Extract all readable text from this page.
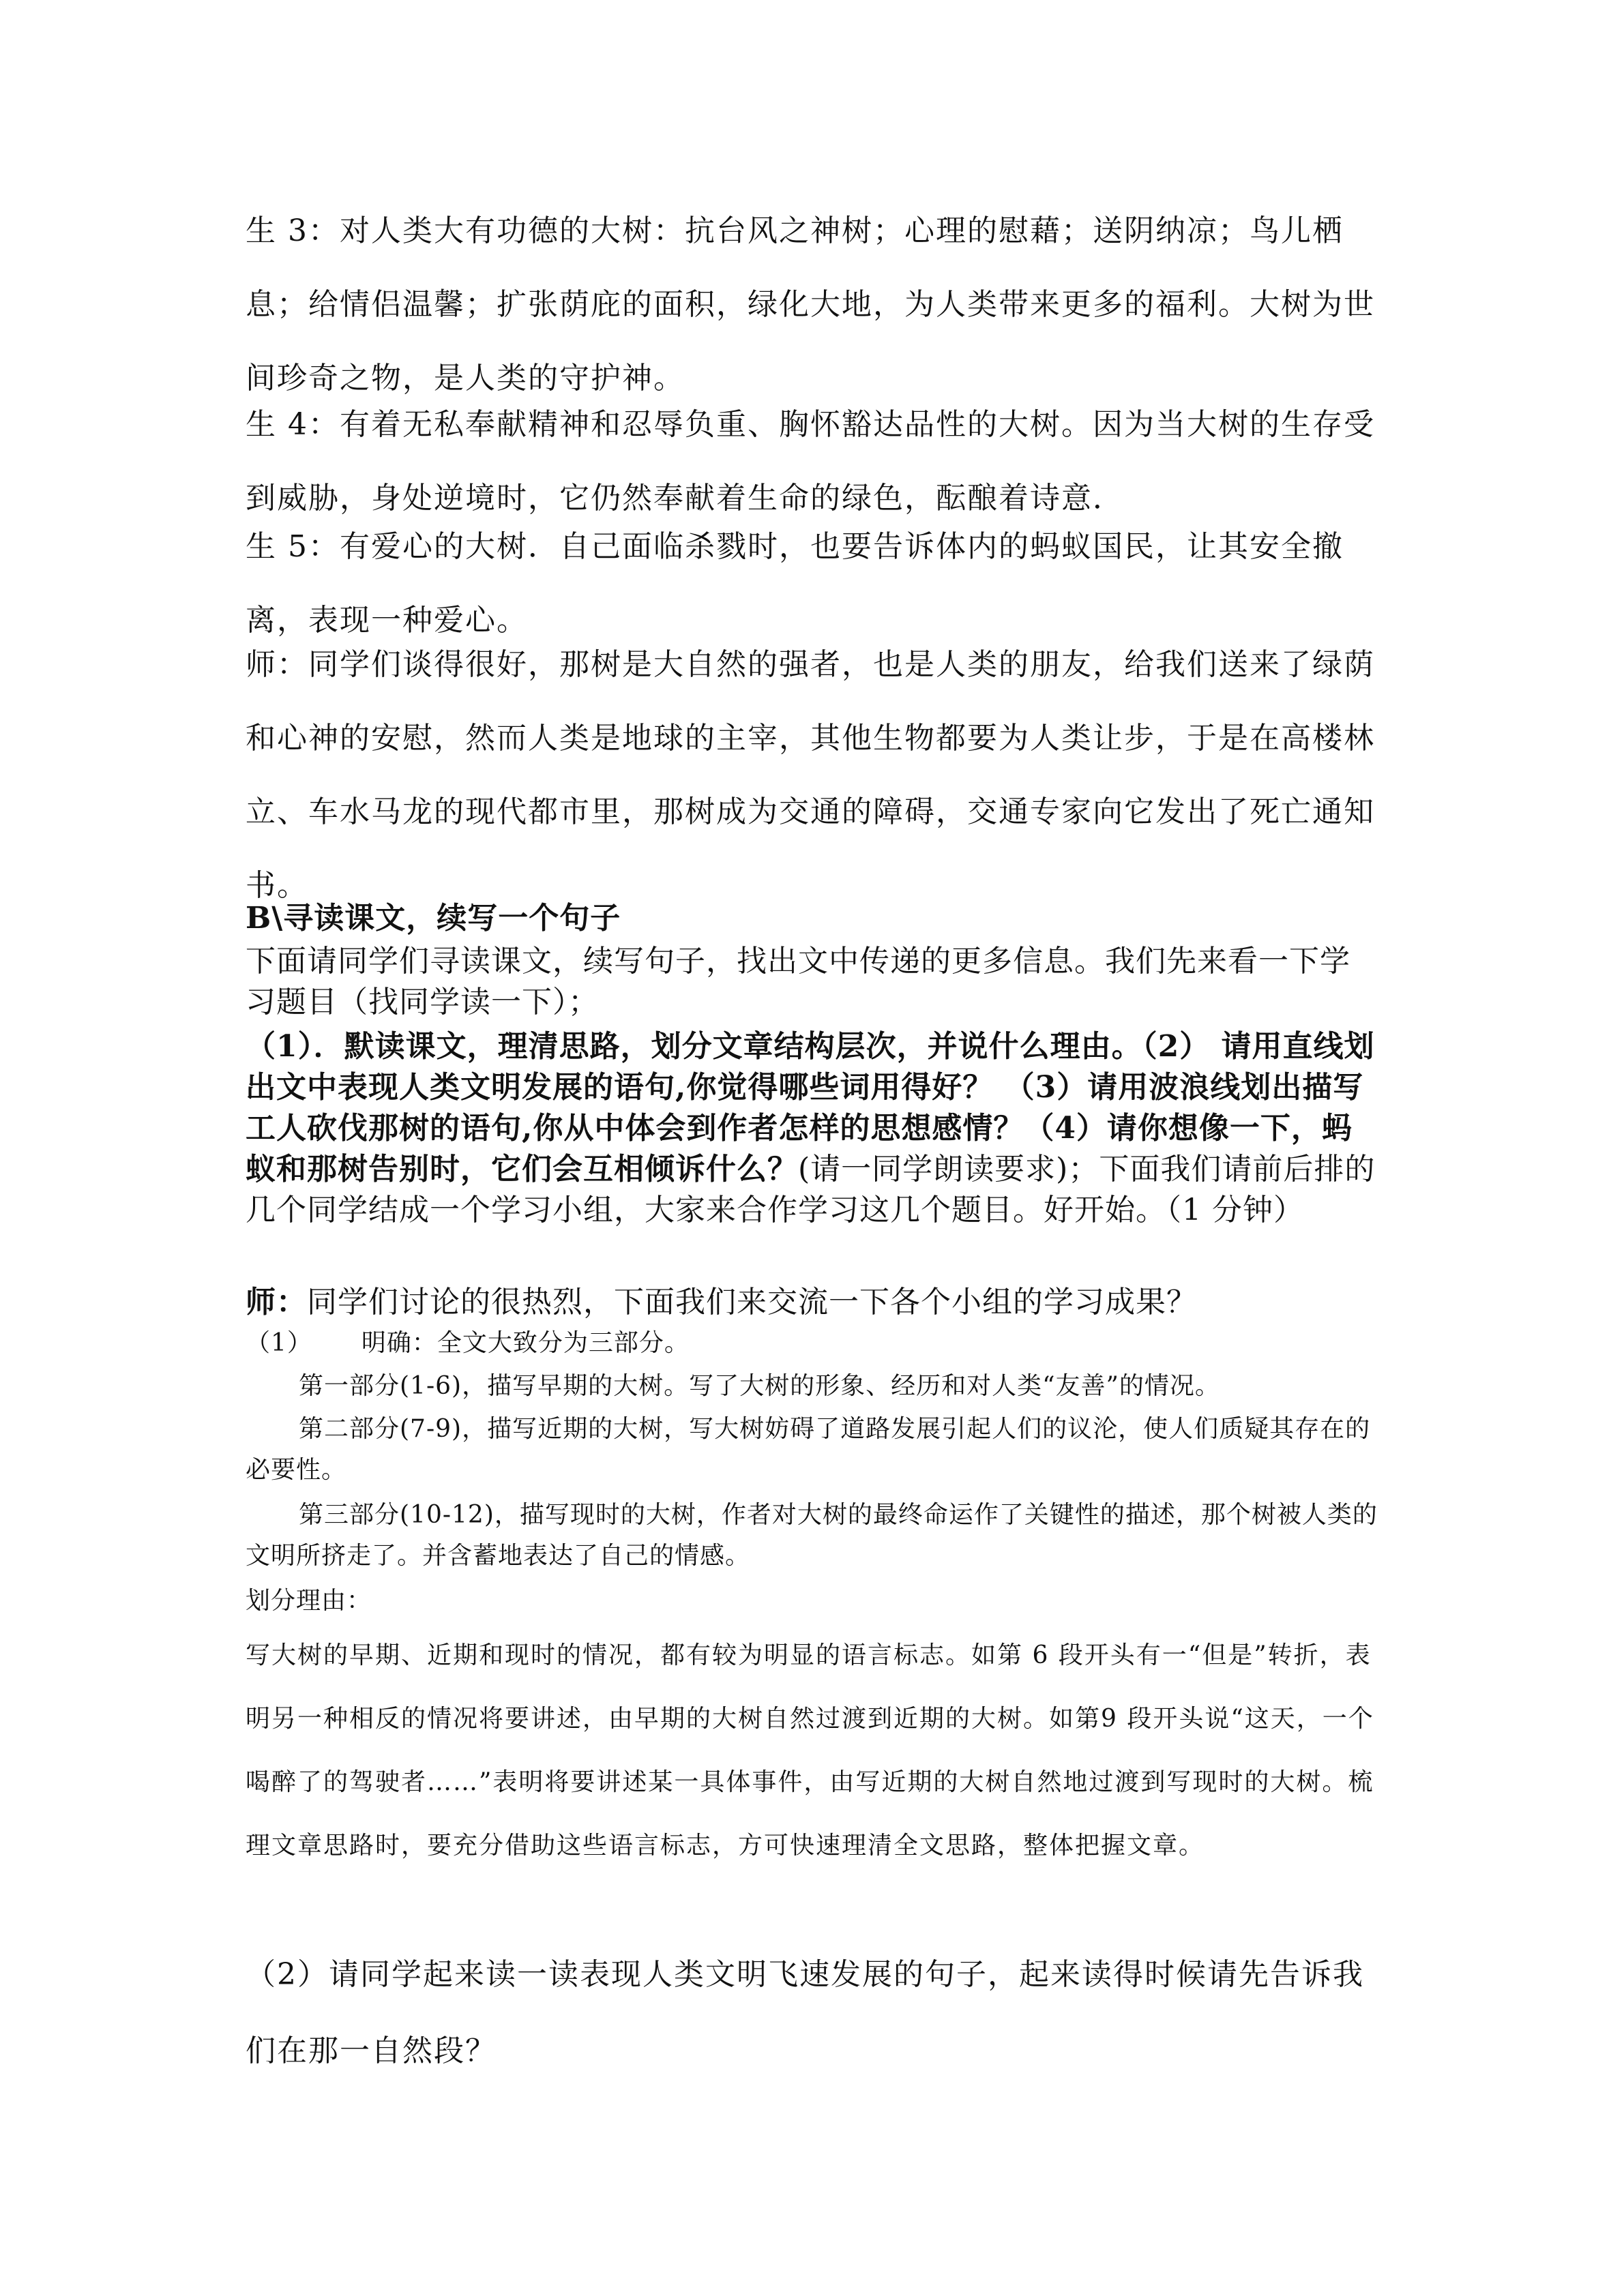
生 3：对人类大有功德的大树：抗台风之神树；心理的慰藉；送阴纳凉；鸟儿栖息；给情侣温馨；扩张荫庇的面积，绿化大地，为人类带来更多的福利。大树为世间珍奇之物，是人类的守护神。

生 4：有着无私奉献精神和忍辱负重、胸怀豁达品性的大树。因为当大树的生存受到威胁，身处逆境时，它仍然奉献着生命的绿色，酝酿着诗意．

生 5：有爱心的大树．自己面临杀戮时，也要告诉体内的蚂蚁国民，让其安全撤离，表现一种爱心。

师：同学们谈得很好，那树是大自然的强者，也是人类的朋友，给我们送来了绿荫和心神的安慰，然而人类是地球的主宰，其他生物都要为人类让步，于是在高楼林立、车水马龙的现代都市里，那树成为交通的障碍，交通专家向它发出了死亡通知书。

B\寻读课文，续写一个句子

下面请同学们寻读课文，续写句子，找出文中传递的更多信息。我们先来看一下学习题目（找同学读一下）；

（1）．默读课文，理清思路，划分文章结构层次，并说什么理由。（2） 请用直线划出文中表现人类文明发展的语句,你觉得哪些词用得好？ （3）请用波浪线划出描写工人砍伐那树的语句,你从中体会到作者怎样的思想感情？（4）请你想像一下，蚂蚁和那树告别时，它们会互相倾诉什么？(请一同学朗读要求)；下面我们请前后排的几个同学结成一个学习小组，大家来合作学习这几个题目。好开始。（1 分钟）

师：同学们讨论的很热烈，下面我们来交流一下各个小组的学习成果？

（1） 明确：全文大致分为三部分。

第一部分(1-6)，描写早期的大树。写了大树的形象、经历和对人类“友善”的情况。

第二部分(7-9)，描写近期的大树，写大树妨碍了道路发展引起人们的议沦，使人们质疑其存在的必要性。

第三部分(10-12)，描写现时的大树，作者对大树的最终命运作了关键性的描述，那个树被人类的文明所挤走了。并含蓄地表达了自己的情感。

划分理由：

写大树的早期、近期和现时的情况，都有较为明显的语言标志。如第 6 段开头有一“但是”转折，表明另一种相反的情况将要讲述，由早期的大树自然过渡到近期的大树。如第9 段开头说“这天，一个喝醉了的驾驶者……”表明将要讲述某一具体事件，由写近期的大树自然地过渡到写现时的大树。梳理文章思路时，要充分借助这些语言标志，方可快速理清全文思路，整体把握文章。

（2）请同学起来读一读表现人类文明飞速发展的句子，起来读得时候请先告诉我们在那一自然段？
